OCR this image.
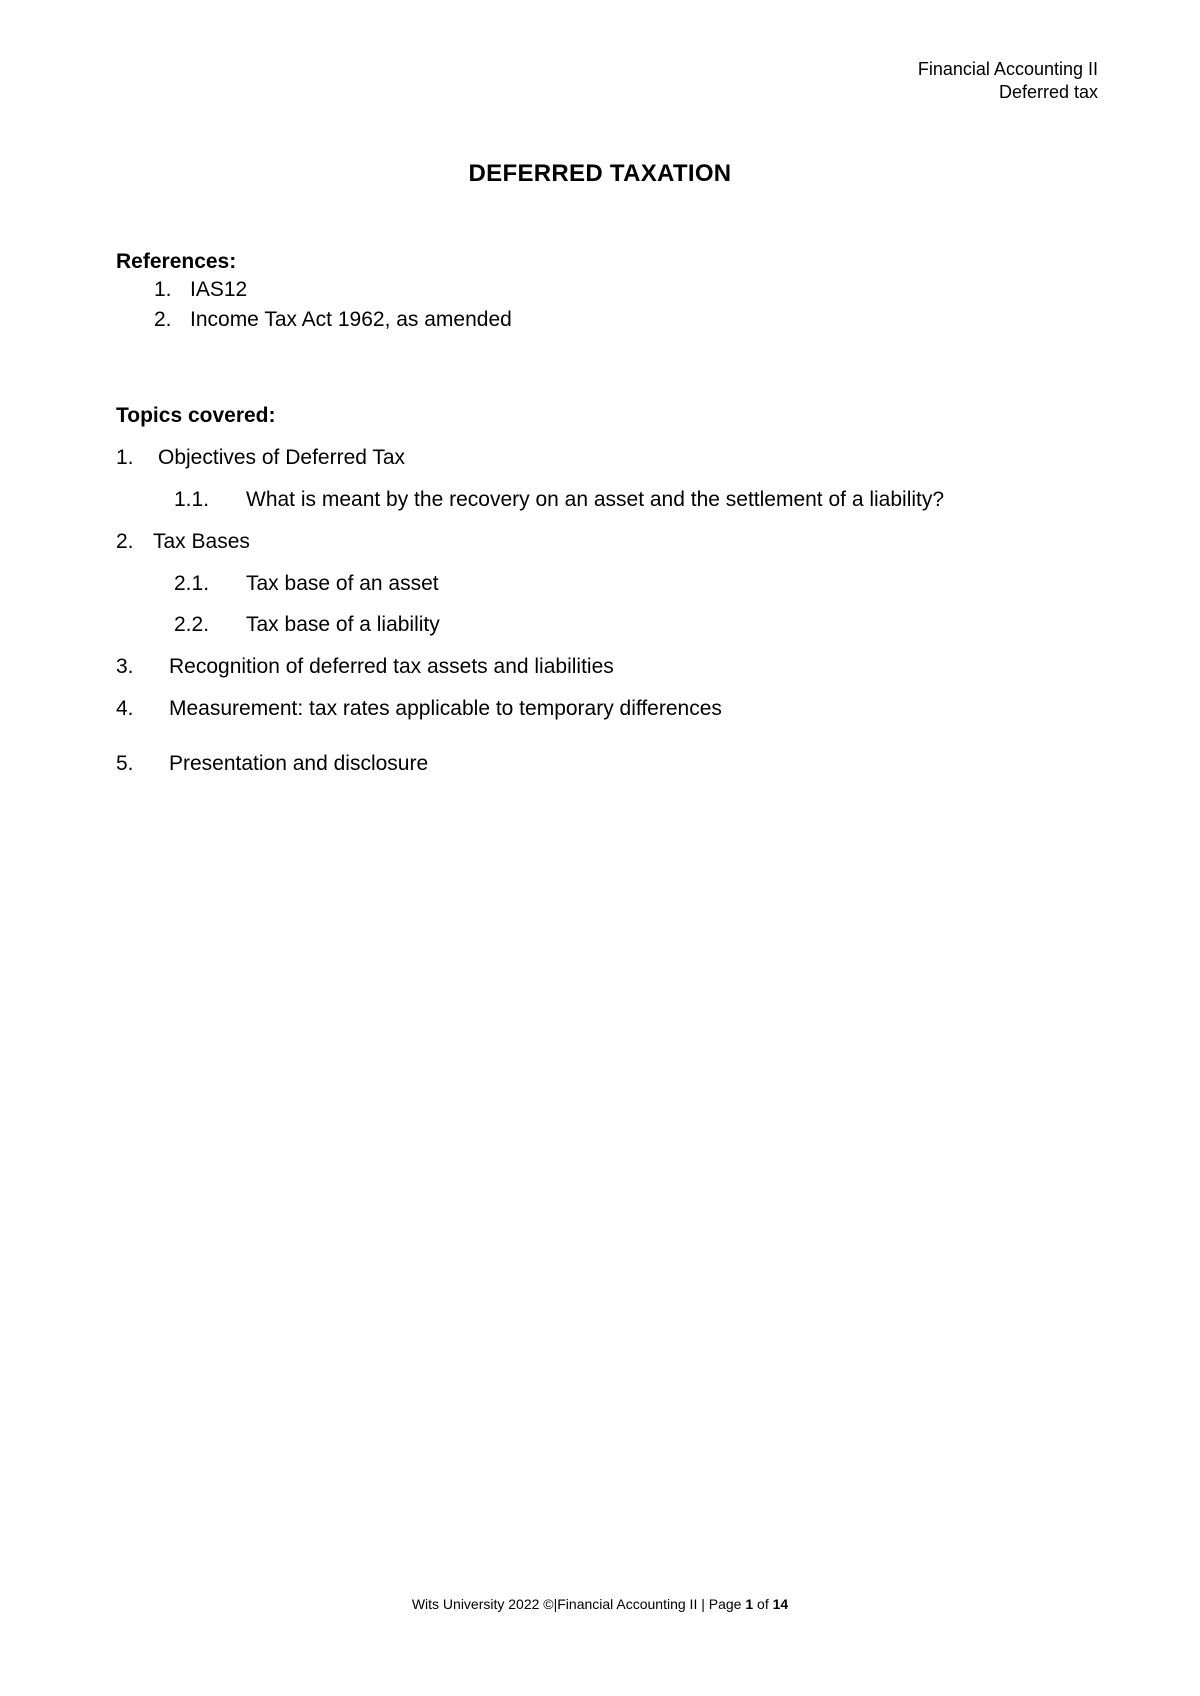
Financial Accounting II
Deferred tax
DEFERRED TAXATION
References:
1. IAS12
2. Income Tax Act 1962, as amended
Topics covered:
1. Objectives of Deferred Tax
1.1. What is meant by the recovery on an asset and the settlement of a liability?
2. Tax Bases
2.1. Tax base of an asset
2.2. Tax base of a liability
3. Recognition of deferred tax assets and liabilities
4. Measurement: tax rates applicable to temporary differences
5. Presentation and disclosure
Wits University 2022 ©|Financial Accounting II | Page 1 of 14
